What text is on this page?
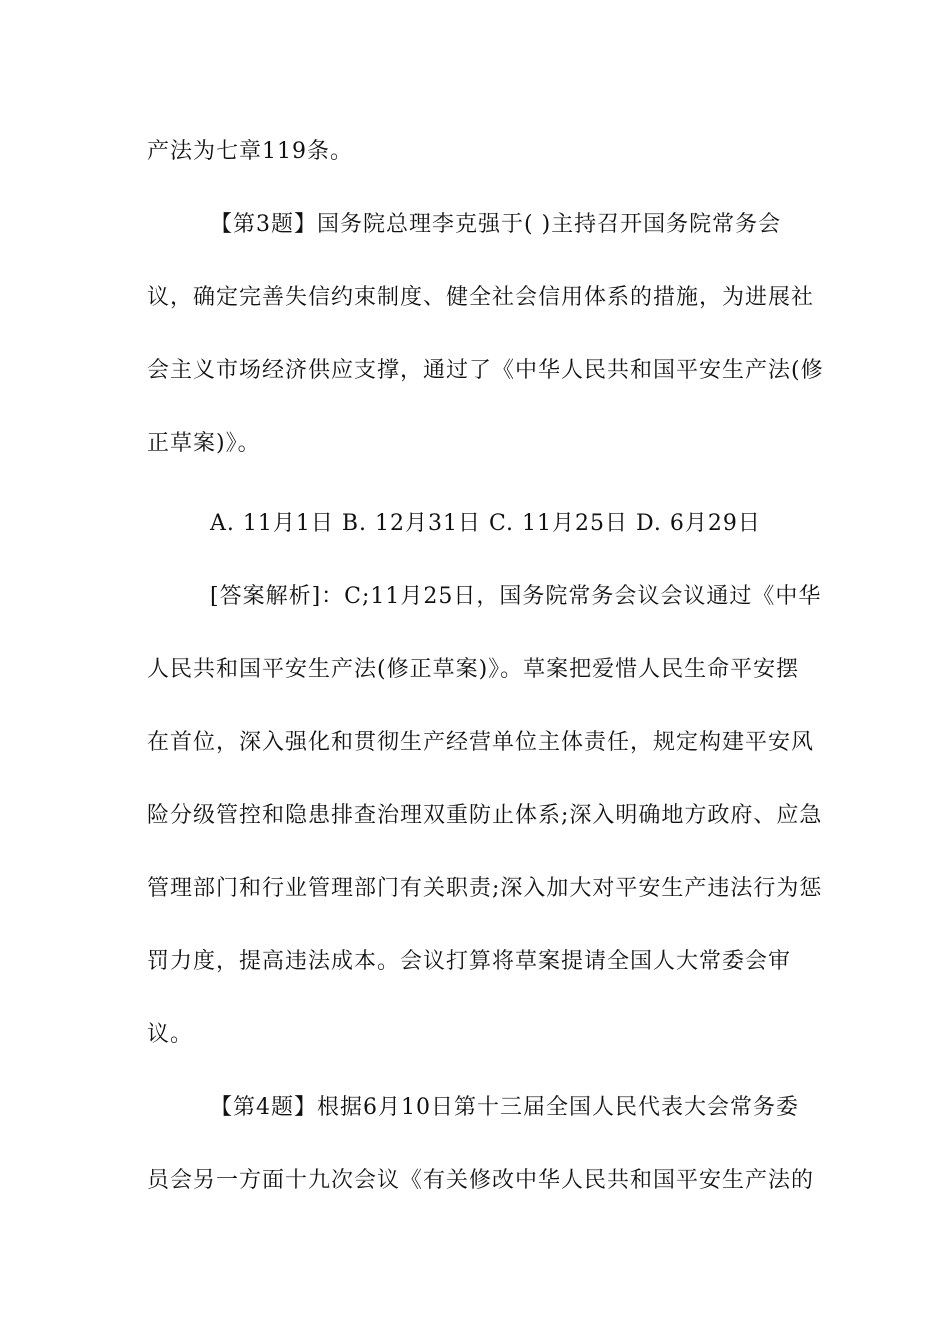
产法为七章119条。
【第3题】国务院总理李克强于( )主持召开国务院常务会
议，确定完善失信约束制度、健全社会信用体系的措施，为进展社
会主义市场经济供应支撑，通过了《中华人民共和国平安生产法(修
正草案)》。
A. 11月1日 B. 12月31日 C. 11月25日 D. 6月29日
[答案解析]：C;11月25日，国务院常务会议会议通过《中华
人民共和国平安生产法(修正草案)》。草案把爱惜人民生命平安摆
在首位，深入强化和贯彻生产经营单位主体责任，规定构建平安风
险分级管控和隐患排查治理双重防止体系;深入明确地方政府、应急
管理部门和行业管理部门有关职责;深入加大对平安生产违法行为惩
罚力度，提高违法成本。会议打算将草案提请全国人大常委会审
议。
【第4题】根据6月10日第十三届全国人民代表大会常务委
员会另一方面十九次会议《有关修改中华人民共和国平安生产法的
